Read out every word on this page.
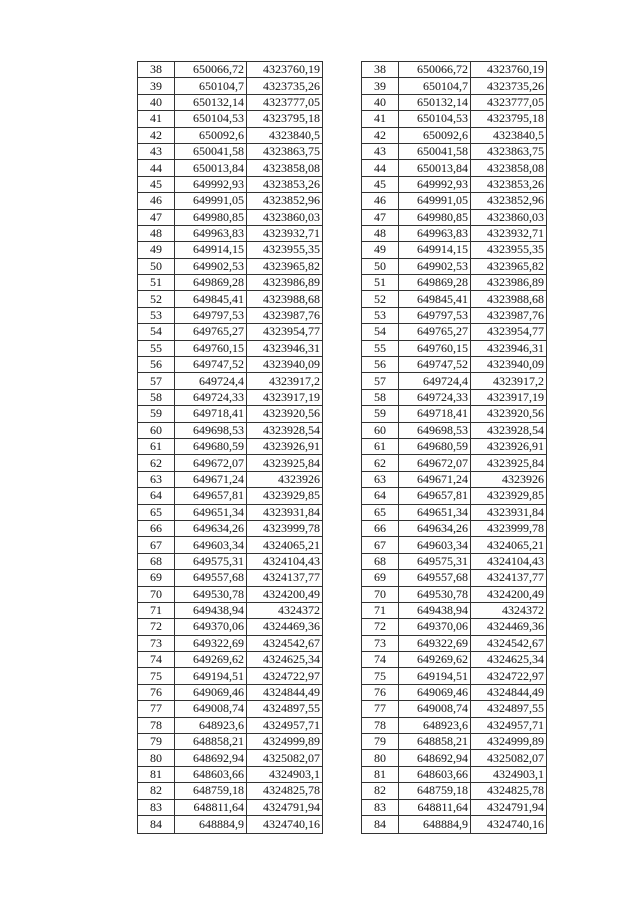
38	650066,72	4323760,19
39	650104,7	4323735,26
40	650132,14	4323777,05
41	650104,53	4323795,18
42	650092,6	4323840,5
43	650041,58	4323863,75
44	650013,84	4323858,08
45	649992,93	4323853,26
46	649991,05	4323852,96
47	649980,85	4323860,03
48	649963,83	4323932,71
49	649914,15	4323955,35
50	649902,53	4323965,82
51	649869,28	4323986,89
52	649845,41	4323988,68
53	649797,53	4323987,76
54	649765,27	4323954,77
55	649760,15	4323946,31
56	649747,52	4323940,09
57	649724,4	4323917,2
58	649724,33	4323917,19
59	649718,41	4323920,56
60	649698,53	4323928,54
61	649680,59	4323926,91
62	649672,07	4323925,84
63	649671,24	4323926
64	649657,81	4323929,85
65	649651,34	4323931,84
66	649634,26	4323999,78
67	649603,34	4324065,21
68	649575,31	4324104,43
69	649557,68	4324137,77
70	649530,78	4324200,49
71	649438,94	4324372
72	649370,06	4324469,36
73	649322,69	4324542,67
74	649269,62	4324625,34
75	649194,51	4324722,97
76	649069,46	4324844,49
77	649008,74	4324897,55
78	648923,6	4324957,71
79	648858,21	4324999,89
80	648692,94	4325082,07
81	648603,66	4324903,1
82	648759,18	4324825,78
83	648811,64	4324791,94
84	648884,9	4324740,16
38	650066,72	4323760,19
39	650104,7	4323735,26
40	650132,14	4323777,05
41	650104,53	4323795,18
42	650092,6	4323840,5
43	650041,58	4323863,75
44	650013,84	4323858,08
45	649992,93	4323853,26
46	649991,05	4323852,96
47	649980,85	4323860,03
48	649963,83	4323932,71
49	649914,15	4323955,35
50	649902,53	4323965,82
51	649869,28	4323986,89
52	649845,41	4323988,68
53	649797,53	4323987,76
54	649765,27	4323954,77
55	649760,15	4323946,31
56	649747,52	4323940,09
57	649724,4	4323917,2
58	649724,33	4323917,19
59	649718,41	4323920,56
60	649698,53	4323928,54
61	649680,59	4323926,91
62	649672,07	4323925,84
63	649671,24	4323926
64	649657,81	4323929,85
65	649651,34	4323931,84
66	649634,26	4323999,78
67	649603,34	4324065,21
68	649575,31	4324104,43
69	649557,68	4324137,77
70	649530,78	4324200,49
71	649438,94	4324372
72	649370,06	4324469,36
73	649322,69	4324542,67
74	649269,62	4324625,34
75	649194,51	4324722,97
76	649069,46	4324844,49
77	649008,74	4324897,55
78	648923,6	4324957,71
79	648858,21	4324999,89
80	648692,94	4325082,07
81	648603,66	4324903,1
82	648759,18	4324825,78
83	648811,64	4324791,94
84	648884,9	4324740,16
